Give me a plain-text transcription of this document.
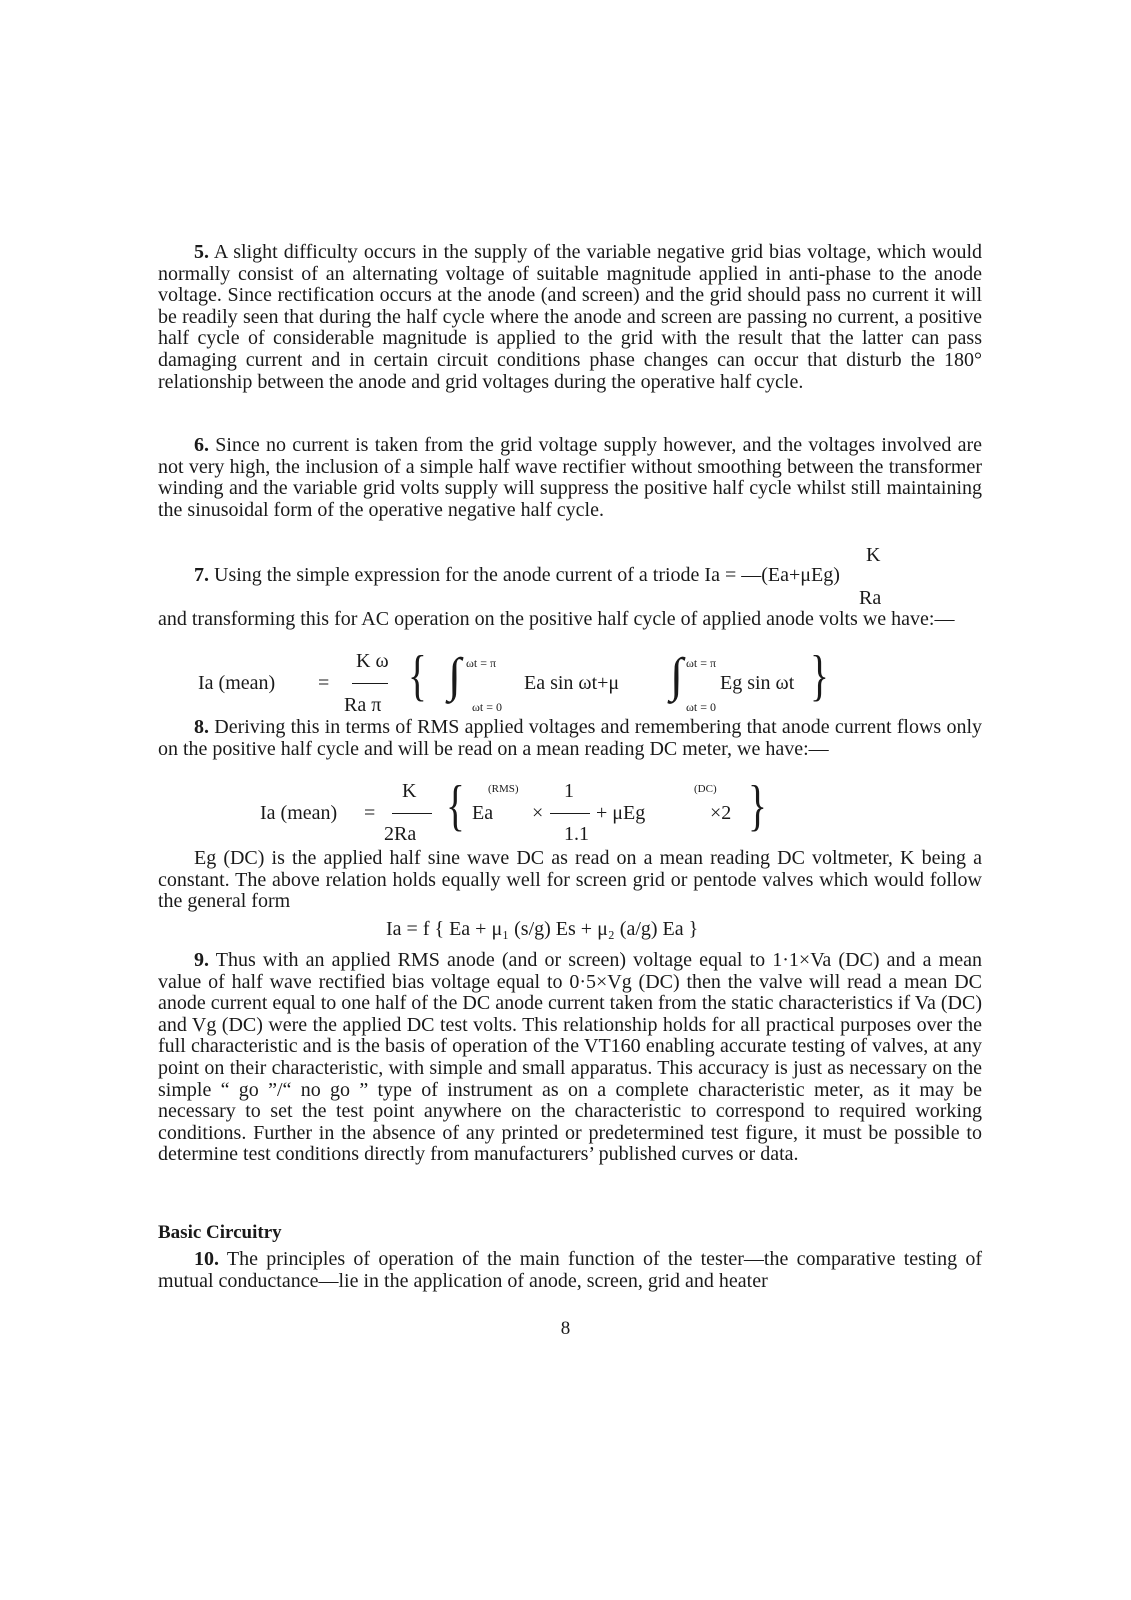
5. A slight difficulty occurs in the supply of the variable negative grid bias voltage, which would normally consist of an alternating voltage of suitable magnitude applied in anti-phase to the anode voltage. Since rectification occurs at the anode (and screen) and the grid should pass no current it will be readily seen that during the half cycle where the anode and screen are passing no current, a positive half cycle of considerable magnitude is applied to the grid with the result that the latter can pass damaging current and in certain circuit conditions phase changes can occur that disturb the 180° relationship between the anode and grid voltages during the operative half cycle.

6. Since no current is taken from the grid voltage supply however, and the voltages involved are not very high, the inclusion of a simple half wave rectifier without smoothing between the transformer winding and the variable grid volts supply will suppress the positive half cycle whilst still maintaining the sinusoidal form of the operative negative half cycle.

K

7. Using the simple expression for the anode current of a triode Ia = —(Ea+μEg)

Ra

and transforming this for AC operation on the positive half cycle of applied anode volts we have:—

Ia (mean) =
K ω
Ra π { ∫ ωt = π
ωt = 0
Ea sin ωt+μ ∫ ωt = π
ωt = 0
Eg sin ωt }

8. Deriving this in terms of RMS applied voltages and remembering that anode current flows only on the positive half cycle and will be read on a mean reading DC meter, we have:—

Ia (mean) =
K
2Ra { (RMS)
Ea ×
1
1.1
+ μEg
(DC)
×2 }

Eg (DC) is the applied half sine wave DC as read on a mean reading DC voltmeter, K being a constant. The above relation holds equally well for screen grid or pentode valves which would follow the general form

Ia = f { Ea + μ₁ (s/g) Es + μ₂ (a/g) Ea }

9. Thus with an applied RMS anode (and or screen) voltage equal to 1·1×Va (DC) and a mean value of half wave rectified bias voltage equal to 0·5×Vg (DC) then the valve will read a mean DC anode current equal to one half of the DC anode current taken from the static characteristics if Va (DC) and Vg (DC) were the applied DC test volts. This relationship holds for all practical purposes over the full characteristic and is the basis of operation of the VT160 enabling accurate testing of valves, at any point on their characteristic, with simple and small apparatus. This accuracy is just as necessary on the simple “ go ”/“ no go ” type of instrument as on a complete characteristic meter, as it may be necessary to set the test point anywhere on the characteristic to correspond to required working conditions. Further in the absence of any printed or predetermined test figure, it must be possible to determine test conditions directly from manufacturers’ published curves or data.

Basic Circuitry

10. The principles of operation of the main function of the tester—the comparative testing of mutual conductance—lie in the application of anode, screen, grid and heater

8
